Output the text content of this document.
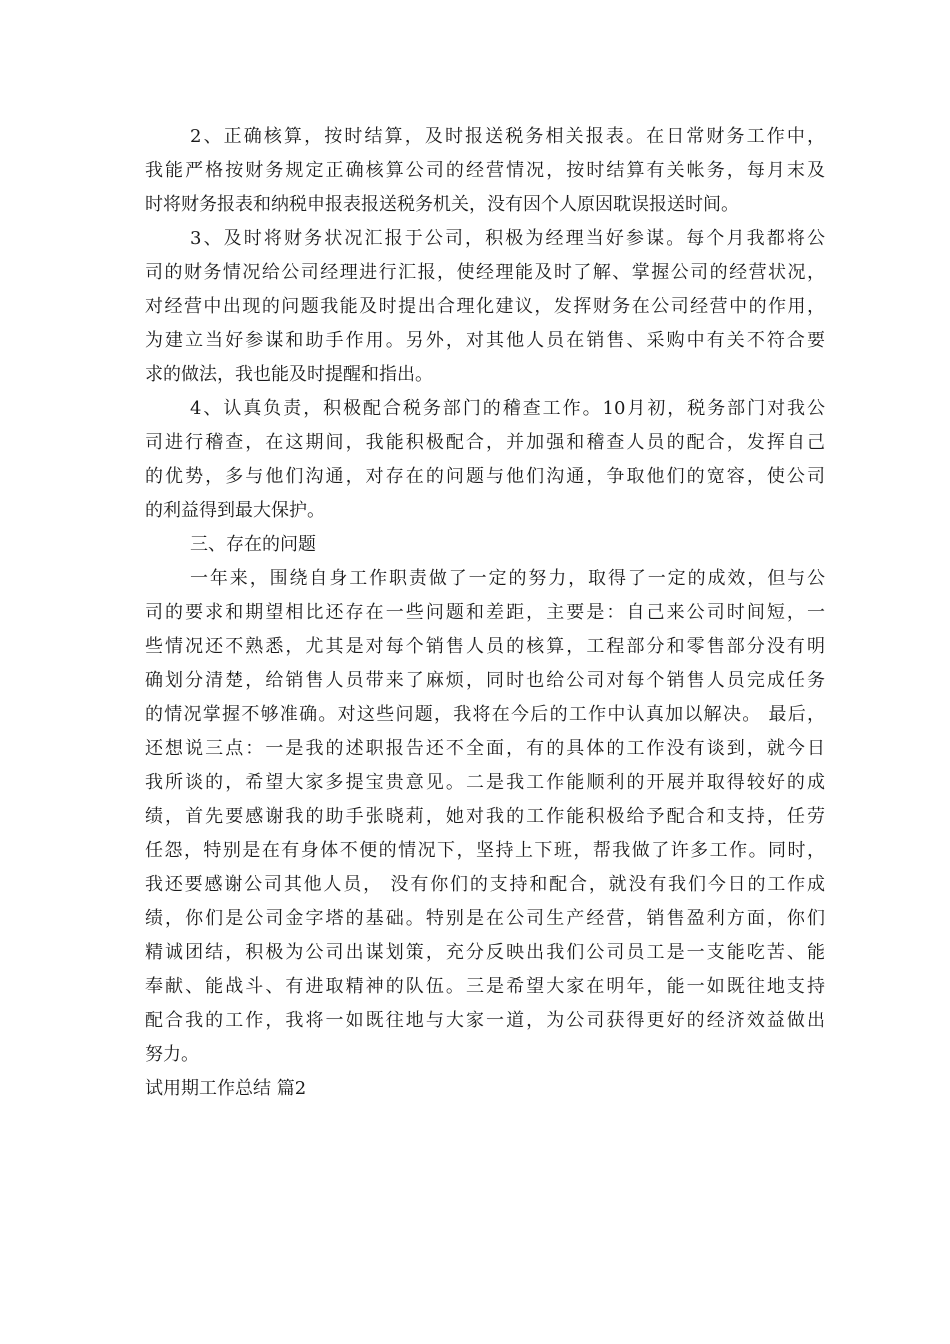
2、正确核算，按时结算，及时报送税务相关报表。在日常财务工作中，
我能严格按财务规定正确核算公司的经营情况，按时结算有关帐务，每月末及
时将财务报表和纳税申报表报送税务机关，没有因个人原因耽误报送时间。
3、及时将财务状况汇报于公司，积极为经理当好参谋。每个月我都将公
司的财务情况给公司经理进行汇报，使经理能及时了解、掌握公司的经营状况，
对经营中出现的问题我能及时提出合理化建议，发挥财务在公司经营中的作用，
为建立当好参谋和助手作用。另外，对其他人员在销售、采购中有关不符合要
求的做法，我也能及时提醒和指出。
4、认真负责，积极配合税务部门的稽查工作。10月初，税务部门对我公
司进行稽查，在这期间，我能积极配合，并加强和稽查人员的配合，发挥自己
的优势，多与他们沟通，对存在的问题与他们沟通，争取他们的宽容，使公司
的利益得到最大保护。
三、存在的问题
一年来，围绕自身工作职责做了一定的努力，取得了一定的成效，但与公
司的要求和期望相比还存在一些问题和差距，主要是：自己来公司时间短，一
些情况还不熟悉，尤其是对每个销售人员的核算，工程部分和零售部分没有明
确划分清楚，给销售人员带来了麻烦，同时也给公司对每个销售人员完成任务
的情况掌握不够准确。对这些问题，我将在今后的工作中认真加以解决。 最后，
还想说三点：一是我的述职报告还不全面，有的具体的工作没有谈到，就今日
我所谈的，希望大家多提宝贵意见。二是我工作能顺利的开展并取得较好的成
绩，首先要感谢我的助手张晓莉，她对我的工作能积极给予配合和支持，任劳
任怨，特别是在有身体不便的情况下，坚持上下班，帮我做了许多工作。同时，
我还要感谢公司其他人员， 没有你们的支持和配合，就没有我们今日的工作成
绩，你们是公司金字塔的基础。特别是在公司生产经营，销售盈利方面，你们
精诚团结，积极为公司出谋划策，充分反映出我们公司员工是一支能吃苦、能
奉献、能战斗、有进取精神的队伍。三是希望大家在明年，能一如既往地支持
配合我的工作，我将一如既往地与大家一道，为公司获得更好的经济效益做出
努力。
试用期工作总结 篇2
